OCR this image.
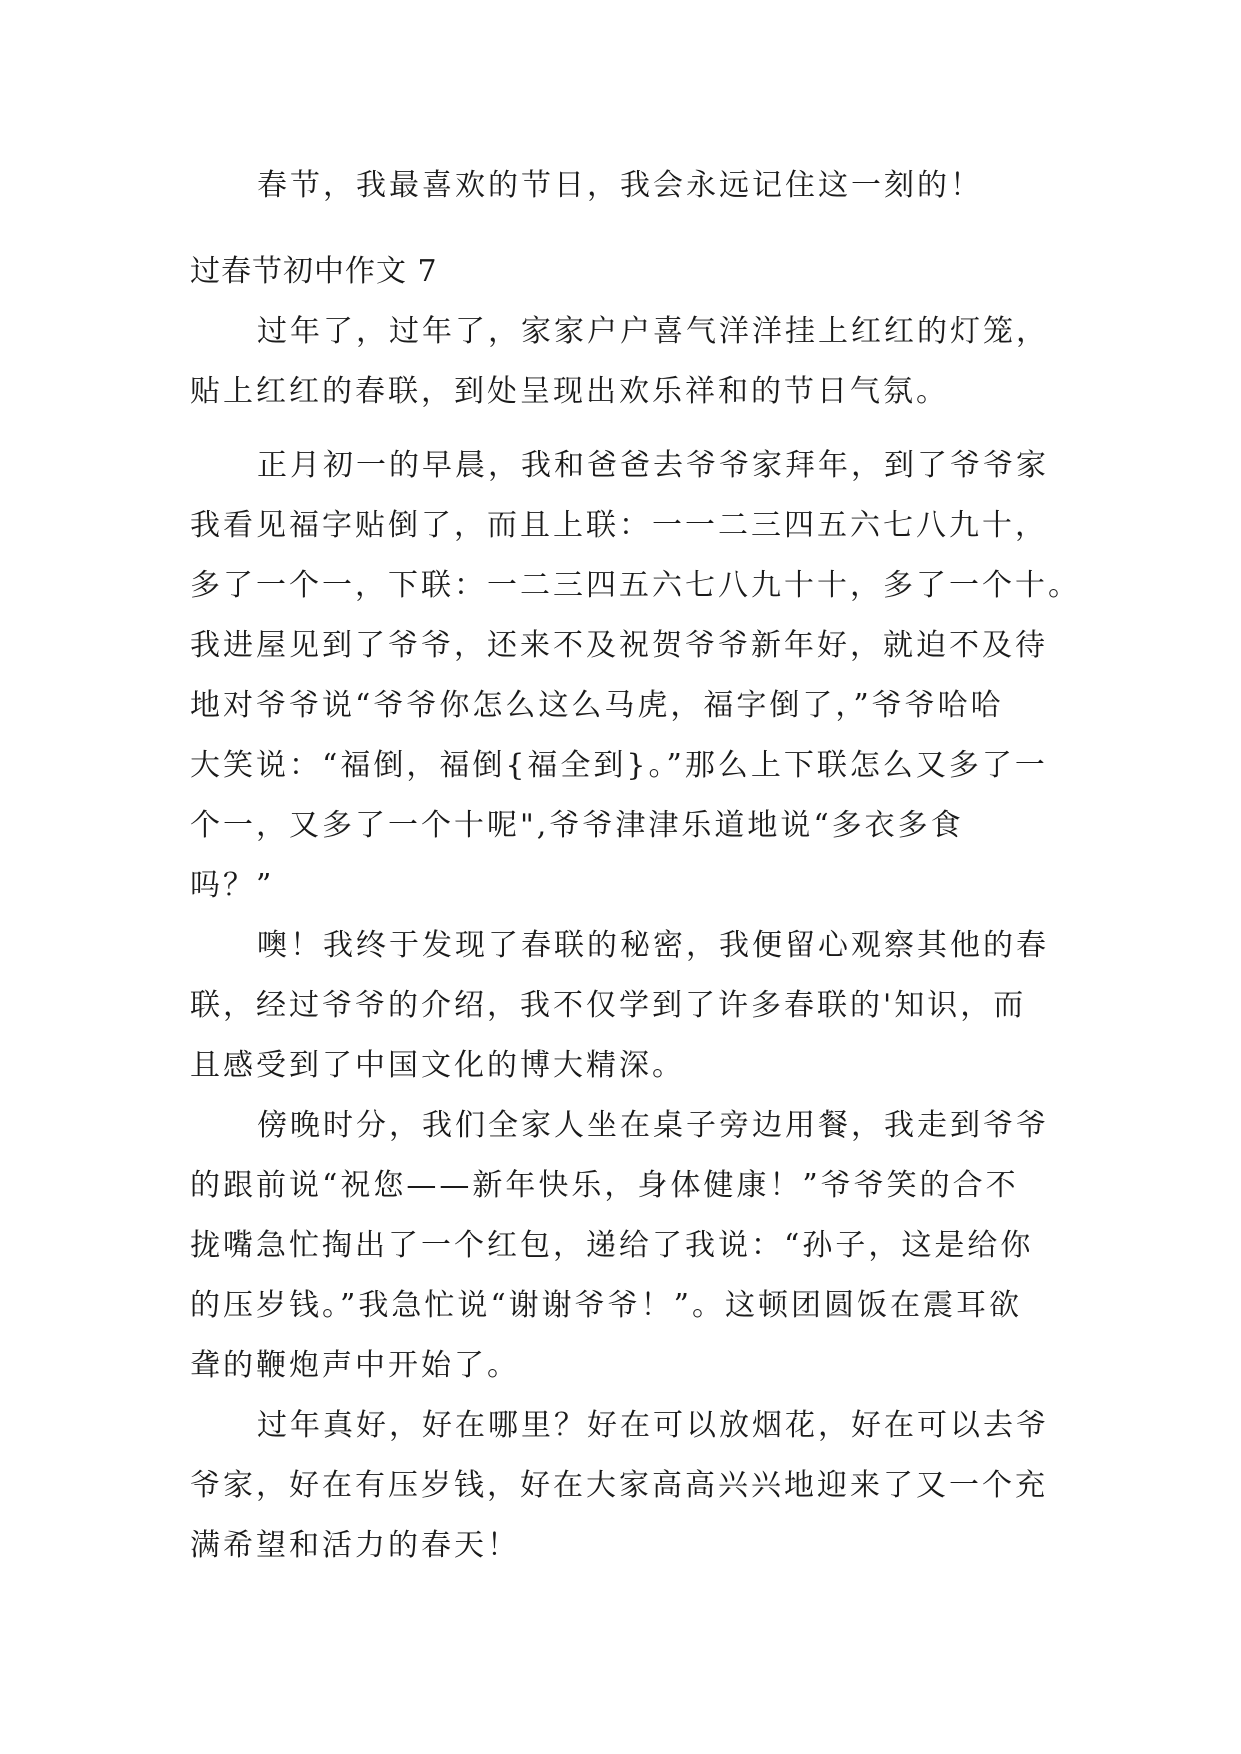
春节，我最喜欢的节日，我会永远记住这一刻的！

过春节初中作文 7

过年了，过年了，家家户户喜气洋洋挂上红红的灯笼，

贴上红红的春联，到处呈现出欢乐祥和的节日气氛。

正月初一的早晨，我和爸爸去爷爷家拜年，到了爷爷家

我看见福字贴倒了，而且上联：一一二三四五六七八九十，

多了一个一，下联：一二三四五六七八九十十，多了一个十。

我进屋见到了爷爷，还来不及祝贺爷爷新年好，就迫不及待

地对爷爷说“爷爷你怎么这么马虎，福字倒了，”爷爷哈哈

大笑说：“福倒，福倒{福全到}。”那么上下联怎么又多了一

个一，又多了一个十呢",爷爷津津乐道地说“多衣多食

吗？”

噢！我终于发现了春联的秘密，我便留心观察其他的春

联，经过爷爷的介绍，我不仅学到了许多春联的'知识，而

且感受到了中国文化的博大精深。

傍晚时分，我们全家人坐在桌子旁边用餐，我走到爷爷

的跟前说“祝您——新年快乐，身体健康！”爷爷笑的合不

拢嘴急忙掏出了一个红包，递给了我说：“孙子，这是给你

的压岁钱。”我急忙说“谢谢爷爷！”。这顿团圆饭在震耳欲

聋的鞭炮声中开始了。

过年真好，好在哪里？好在可以放烟花，好在可以去爷

爷家，好在有压岁钱，好在大家高高兴兴地迎来了又一个充

满希望和活力的春天！
